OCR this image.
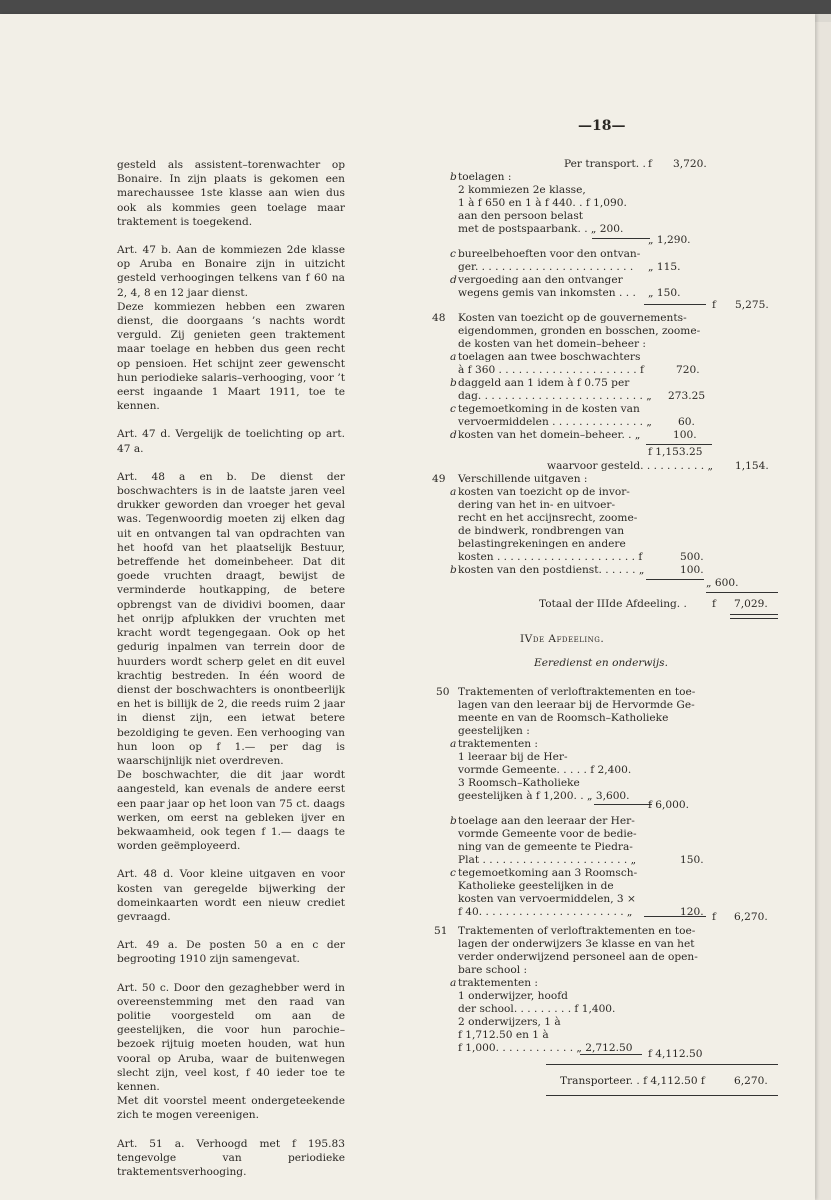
—18—

gesteld als assistent–torenwachter op Bonaire. In zijn plaats is gekomen een marechaussee 1ste klasse aan wien dus ook als kommies geen toelage maar traktement is toegekend.

Art. 47 b. Aan de kommiezen 2de klasse op Aruba en Bonaire zijn in uitzicht gesteld verhoogingen telkens van f 60 na 2, 4, 8 en 12 jaar dienst.

Deze kommiezen hebben een zwaren dienst, die doorgaans ’s nachts wordt verguld. Zij genieten geen traktement maar toelage en hebben dus geen recht op pensioen. Het schijnt zeer gewenscht hun periodieke salaris–verhooging, voor ’t eerst ingaande 1 Maart 1911, toe te kennen.

Art. 47 d. Vergelijk de toelichting op art. 47 a.

Art. 48 a en b. De dienst der boschwachters is in de laatste jaren veel drukker geworden dan vroeger het geval was. Tegenwoordig moeten zij elken dag uit en ontvangen tal van opdrachten van het hoofd van het plaatselijk Bestuur, betreffende het domeinbeheer. Dat dit goede vruchten draagt, bewijst de verminderde houtkapping, de betere opbrengst van de dividivi boomen, daar het onrijp afplukken der vruchten met kracht wordt tegengegaan. Ook op het gedurig inpalmen van terrein door de huurders wordt scherp gelet en dit euvel krachtig bestreden. In één woord de dienst der boschwachters is onontbeerlijk en het is billijk de 2, die reeds ruim 2 jaar in dienst zijn, een ietwat betere bezoldiging te geven. Een verhooging van hun loon op f 1.— per dag is waarschijnlijk niet overdreven.

De boschwachter, die dit jaar wordt aangesteld, kan evenals de andere eerst een paar jaar op het loon van 75 ct. daags werken, om eerst na gebleken ijver en bekwaamheid, ook tegen f 1.— daags te worden geëmployeerd.

Art. 48 d. Voor kleine uitgaven en voor kosten van geregelde bijwerking der domeinkaarten wordt een nieuw crediet gevraagd.

Art. 49 a. De posten 50 a en c der begrooting 1910 zijn samengevat.

Art. 50 c. Door den gezaghebber werd in overeenstemming met den raad van politie voorgesteld om aan de geestelijken, die voor hun parochie–bezoek rijtuig moeten houden, wat hun vooral op Aruba, waar de buitenwegen slecht zijn, veel kost, f 40 ieder toe te kennen.

Met dit voorstel meent ondergeteekende zich te mogen vereenigen.

Art. 51 a. Verhoogd met f 195.83 tengevolge van periodieke traktementsverhooging.

Per transport. . f 3,720.
b toelagen :
2 kommiezen 2e klasse,
1 à f 650 en 1 à f 440. . f 1,090.
aan den persoon belast
met de postspaarbank. . „ 200.
„ 1,290.
c bureelbehoeften voor den ontvan-
ger. . . . . . . . . . . . . . . . . . . . . . . . „ 115.
d vergoeding aan den ontvanger
wegens gemis van inkomsten . . . „ 150.
f 5,275.
48 Kosten van toezicht op de gouvernements-
eigendommen, gronden en bosschen, zoome-
de kosten van het domein–beheer :
a toelagen aan twee boschwachters
à f 360 . . . . . . . . . . . . . . . . . . . . . f	720.
b daggeld aan 1 idem à f 0.75 per
dag. . . . . . . . . . . . . . . . . . . . . . . . . „ 273.25
c tegemoetkoming in de kosten van
vervoermiddelen . . . . . . . . . . . . . . „ 60.
d kosten van het domein–beheer. . „	100.
f 1,153.25
waarvoor gesteld. . . . . . . . . . „ 1,154.
49 Verschillende uitgaven :
a kosten van toezicht op de invor-
dering van het in- en uitvoer-
recht en het accijnsrecht, zoome-
de bindwerk, rondbrengen van
belastingrekeningen en andere
kosten . . . . . . . . . . . . . . . . . . . . . f	500.
b kosten van den postdienst. . . . . . „	100.
„ 600.
Totaal der IIIde Afdeeling. . f 7,029.
IVde Afdeeling.
Eeredienst en onderwijs.
50 Traktementen of verloftraktementen en toe-
lagen van den leeraar bij de Hervormde Ge-
meente en van de Roomsch–Katholieke
geestelijken :
a traktementen :
1 leeraar bij de Her-
vormde Gemeente. . . . . f 2,400.
3 Roomsch–Katholieke
geestelijken à f 1,200. . „ 3,600.
f 6,000.
b toelage aan den leeraar der Her-
vormde Gemeente voor de bedie-
ning van de gemeente te Piedra-
Plat . . . . . . . . . . . . . . . . . . . . . . „	150.
c tegemoetkoming aan 3 Roomsch-
Katholieke geestelijken in de
kosten van vervoermiddelen, 3 ×
f 40. . . . . . . . . . . . . . . . . . . . . . „	120. f 6,270.
51 Traktementen of verloftraktementen en toe-
lagen der onderwijzers 3e klasse en van het
verder onderwijzend personeel aan de open-
bare school :
a traktementen :
1 onderwijzer, hoofd
der school. . . . . . . . . f 1,400.
2 onderwijzers, 1 à
f 1,712.50 en 1 à
f 1,000. . . . . . . . . . . . „ 2,712.50 f 4,112.50
Transporteer. . f 4,112.50 f	6,270.
